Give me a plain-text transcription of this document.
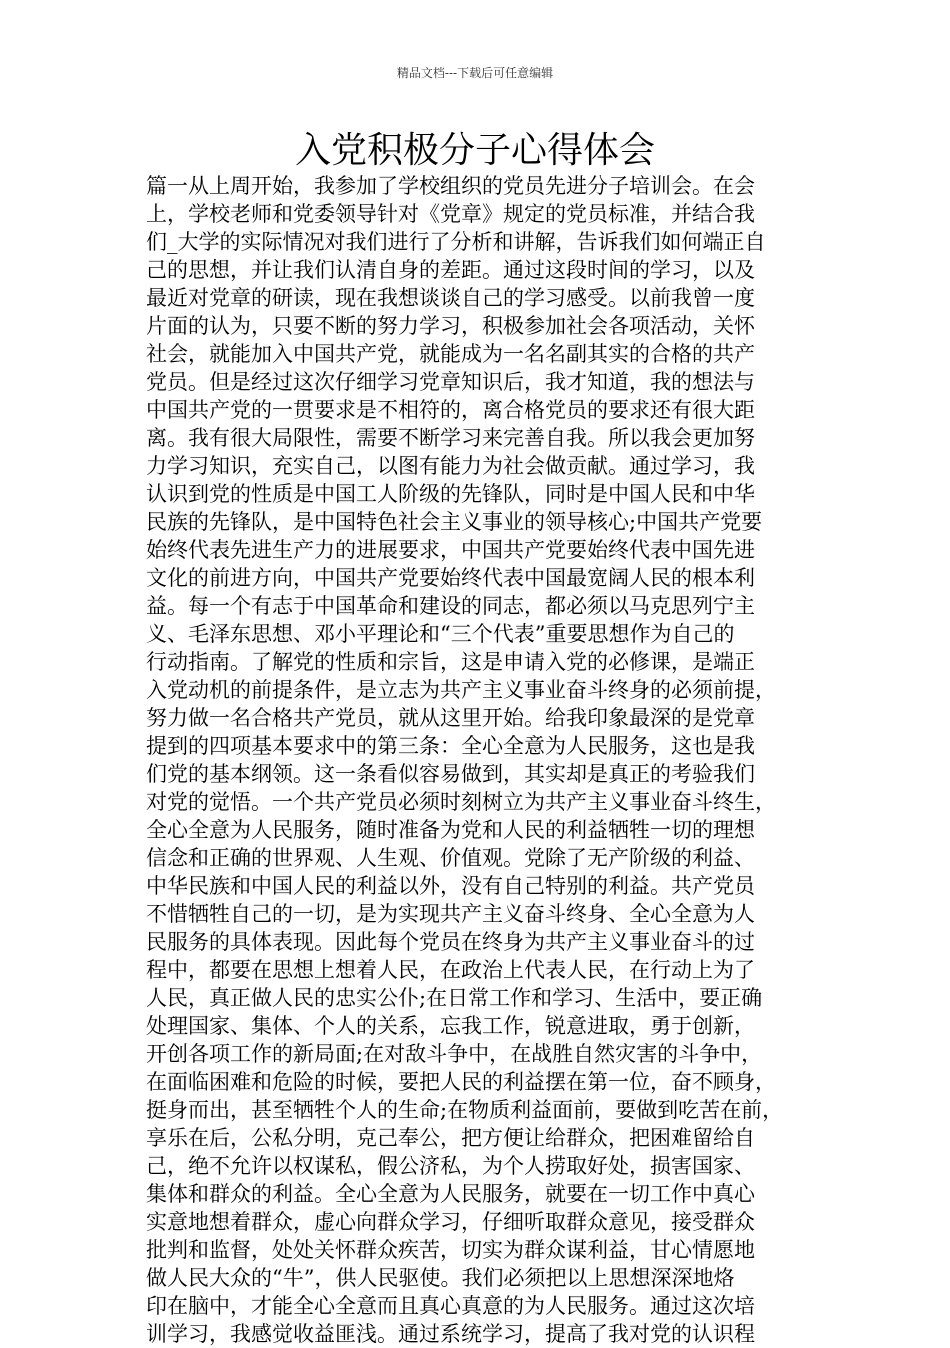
精品文档---下载后可任意编辑
入党积极分子心得体会
篇一从上周开始，我参加了学校组织的党员先进分子培训会。在会
上，学校老师和党委领导针对《党章》规定的党员标准，并结合我
们_大学的实际情况对我们进行了分析和讲解，告诉我们如何端正自
己的思想，并让我们认清自身的差距。通过这段时间的学习，以及
最近对党章的研读，现在我想谈谈自己的学习感受。以前我曾一度
片面的认为，只要不断的努力学习，积极参加社会各项活动，关怀
社会，就能加入中国共产党，就能成为一名名副其实的合格的共产
党员。但是经过这次仔细学习党章知识后，我才知道，我的想法与
中国共产党的一贯要求是不相符的，离合格党员的要求还有很大距
离。我有很大局限性，需要不断学习来完善自我。所以我会更加努
力学习知识，充实自己，以图有能力为社会做贡献。通过学习，我
认识到党的性质是中国工人阶级的先锋队，同时是中国人民和中华
民族的先锋队，是中国特色社会主义事业的领导核心;中国共产党要
始终代表先进生产力的进展要求，中国共产党要始终代表中国先进
文化的前进方向，中国共产党要始终代表中国最宽阔人民的根本利
益。每一个有志于中国革命和建设的同志，都必须以马克思列宁主
义、毛泽东思想、邓小平理论和“三个代表”重要思想作为自己的
行动指南。了解党的性质和宗旨，这是申请入党的必修课，是端正
入党动机的前提条件，是立志为共产主义事业奋斗终身的必须前提，
努力做一名合格共产党员，就从这里开始。给我印象最深的是党章
提到的四项基本要求中的第三条：全心全意为人民服务，这也是我
们党的基本纲领。这一条看似容易做到，其实却是真正的考验我们
对党的觉悟。一个共产党员必须时刻树立为共产主义事业奋斗终生，
全心全意为人民服务，随时准备为党和人民的利益牺牲一切的理想
信念和正确的世界观、人生观、价值观。党除了无产阶级的利益、
中华民族和中国人民的利益以外，没有自己特别的利益。共产党员
不惜牺牲自己的一切，是为实现共产主义奋斗终身、全心全意为人
民服务的具体表现。因此每个党员在终身为共产主义事业奋斗的过
程中，都要在思想上想着人民，在政治上代表人民，在行动上为了
人民，真正做人民的忠实公仆;在日常工作和学习、生活中，要正确
处理国家、集体、个人的关系，忘我工作，锐意进取，勇于创新，
开创各项工作的新局面;在对敌斗争中，在战胜自然灾害的斗争中，
在面临困难和危险的时候，要把人民的利益摆在第一位，奋不顾身，
挺身而出，甚至牺牲个人的生命;在物质利益面前，要做到吃苦在前，
享乐在后，公私分明，克己奉公，把方便让给群众，把困难留给自
己，绝不允许以权谋私，假公济私，为个人捞取好处，损害国家、
集体和群众的利益。全心全意为人民服务，就要在一切工作中真心
实意地想着群众，虚心向群众学习，仔细听取群众意见，接受群众
批判和监督，处处关怀群众疾苦，切实为群众谋利益，甘心情愿地
做人民大众的“牛”，供人民驱使。我们必须把以上思想深深地烙
印在脑中，才能全心全意而且真心真意的为人民服务。通过这次培
训学习，我感觉收益匪浅。通过系统学习，提高了我对党的认识程
